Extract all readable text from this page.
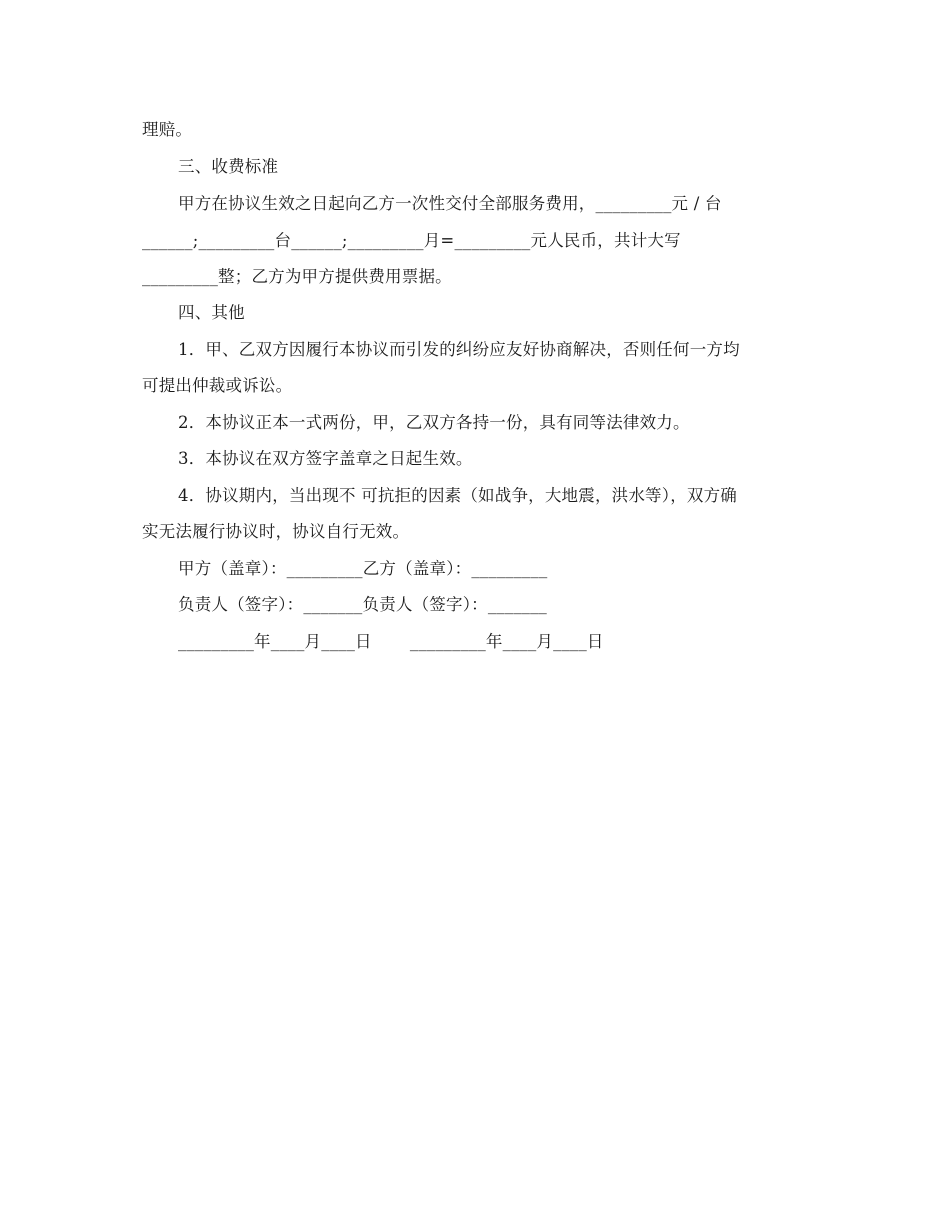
理赔。
三、收费标准
甲方在协议生效之日起向乙方一次性交付全部服务费用，_________元 / 台
______;_________台______;_________月=_________元人民币，共计大写
_________整；乙方为甲方提供费用票据。
四、其他
1．甲、乙双方因履行本协议而引发的纠纷应友好协商解决，否则任何一方均
可提出仲裁或诉讼。
2．本协议正本一式两份，甲，乙双方各持一份，具有同等法律效力。
3．本协议在双方签字盖章之日起生效。
4．协议期内，当出现不 可抗拒的因素（如战争，大地震，洪水等），双方确
实无法履行协议时，协议自行无效。
甲方（盖章）：_________乙方（盖章）：_________
负责人（签字）：_______负责人（签字）：_______
_________年____月____日       _________年____月____日
